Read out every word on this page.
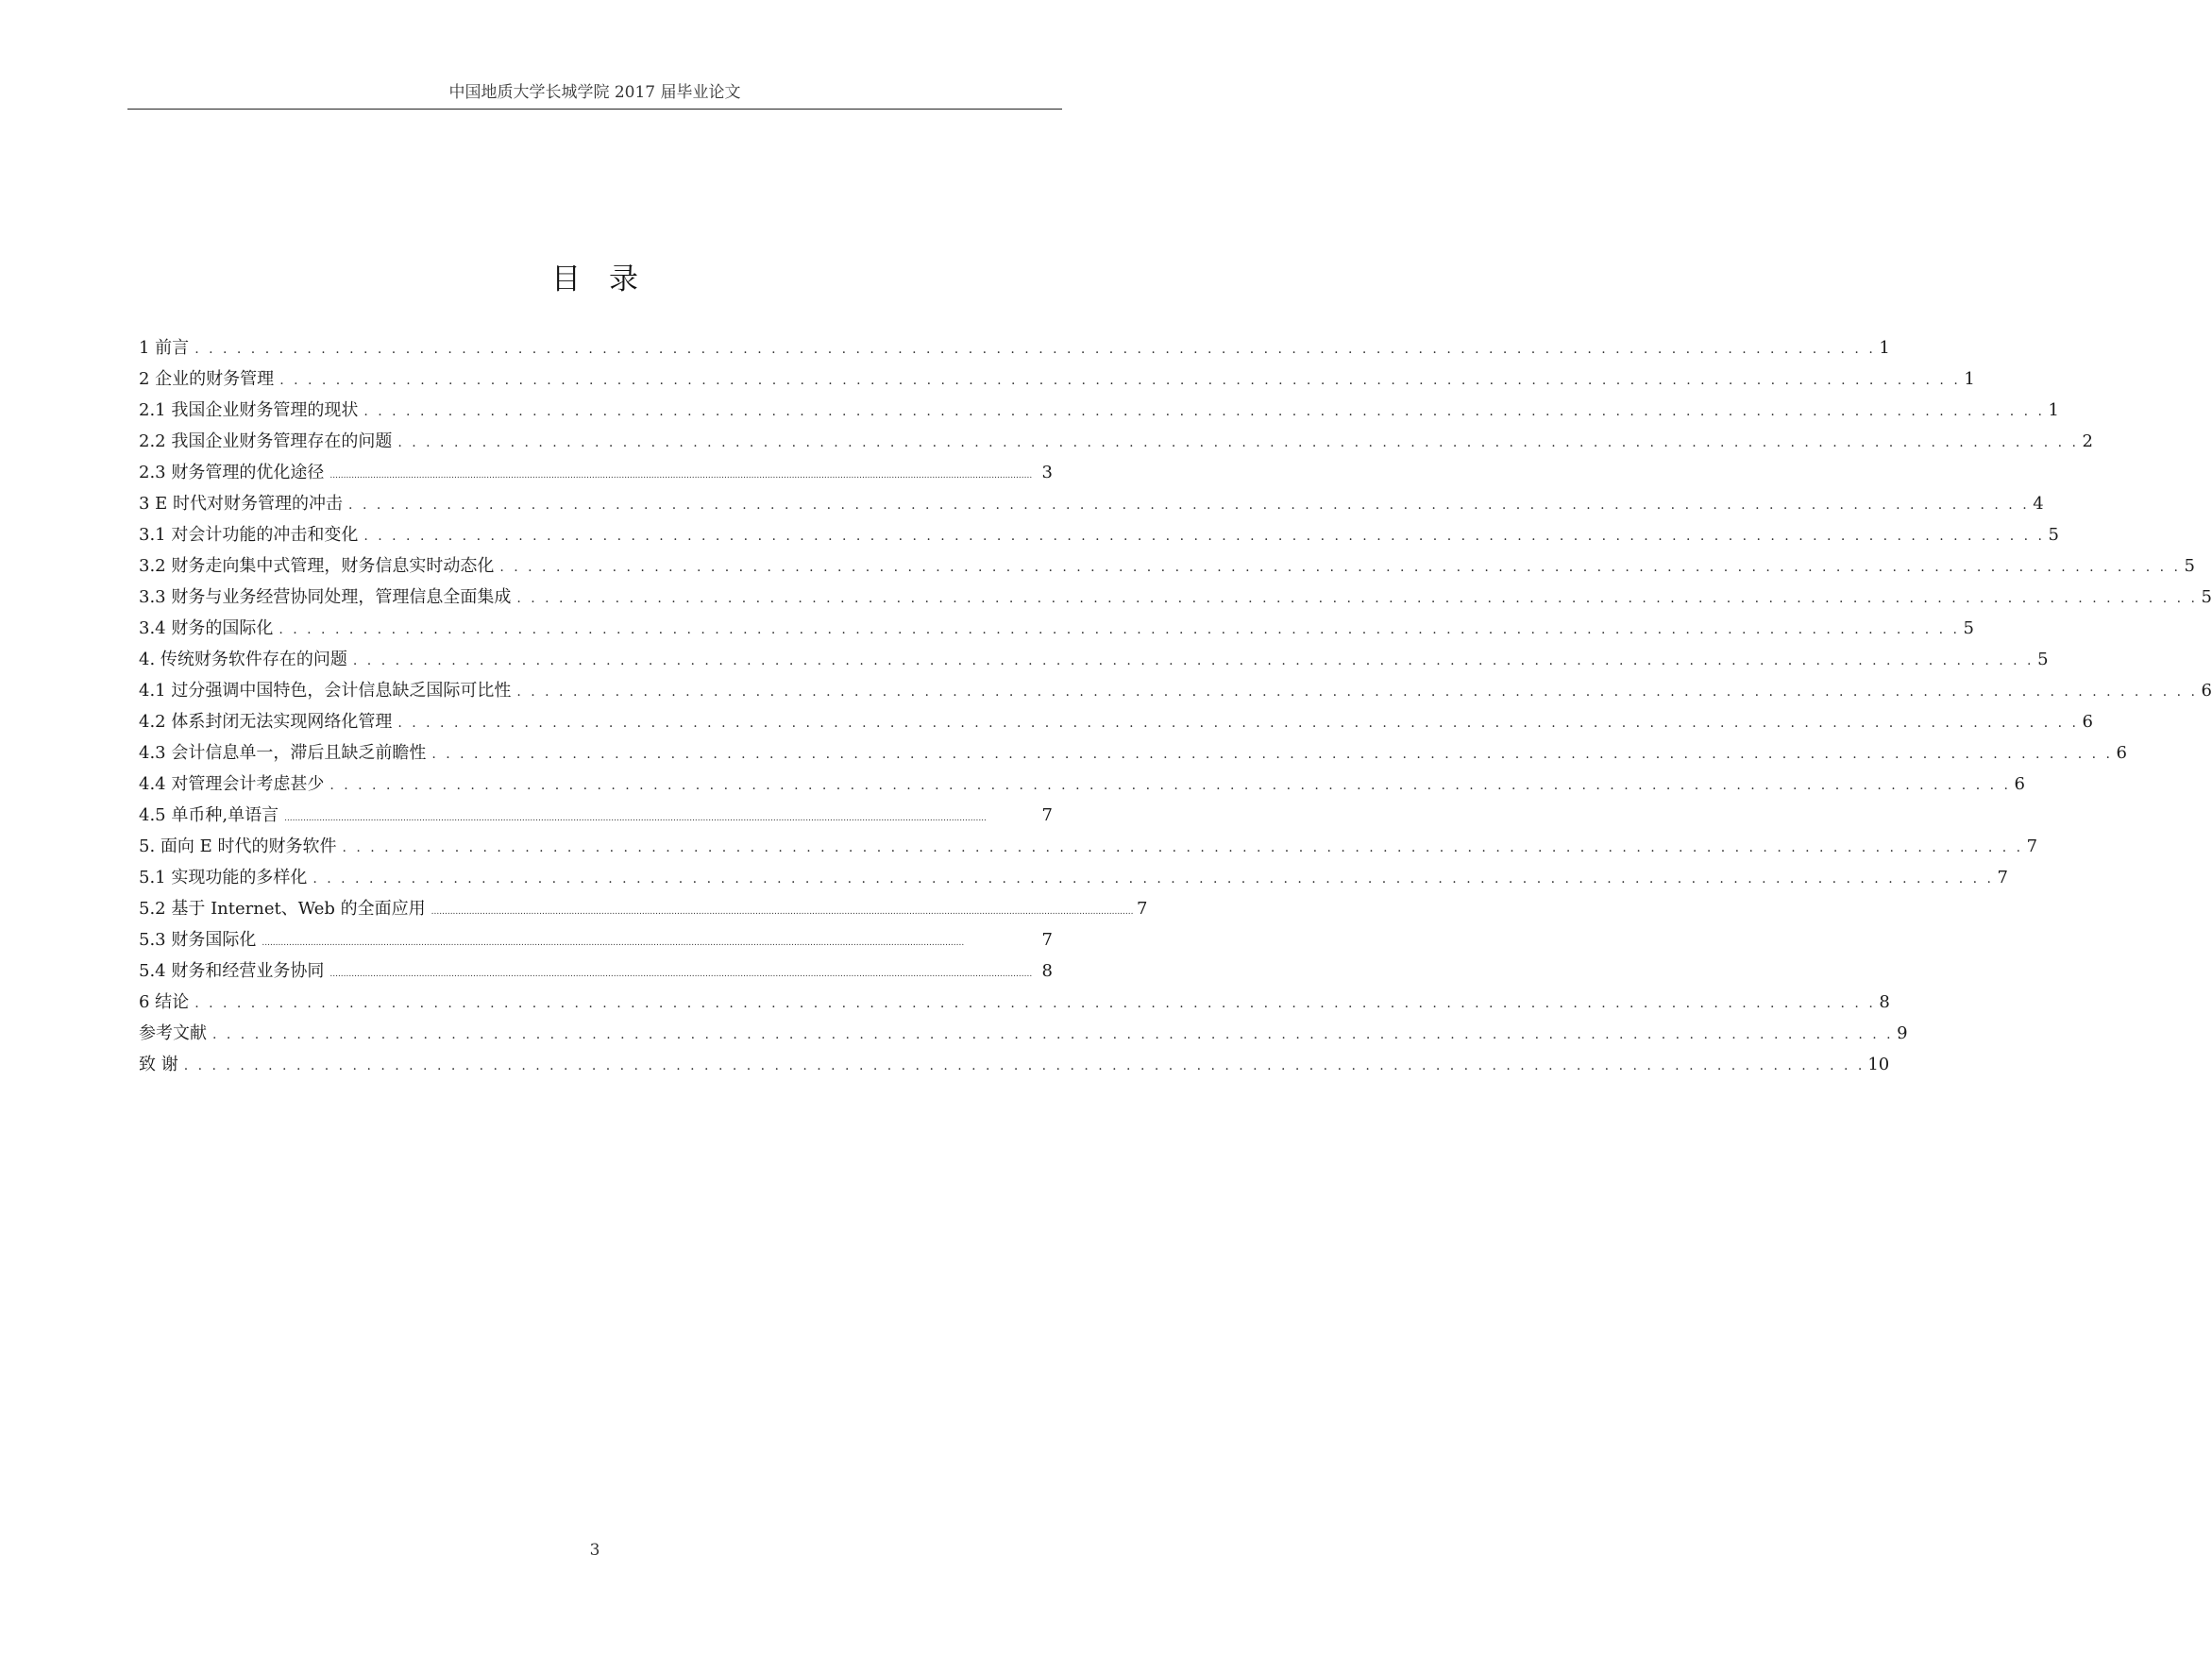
中国地质大学长城学院 2017 届毕业论文
目录
1 前言 . . . . . . . . . . . . . . . . . . . . . . . . . . . . . . . . . . . . . . . . . . . . . . . . . . . . . . . . . . . . . . . . . . . . . . . . . . . . . . . . . . . . . . . . . . . . . . . . . . . . . . . . . . . . . . . . . . . . . . . . 1
2 企业的财务管理 . . . . . . . . . . . . . . . . . . . . . . . . . . . . . . . . . . . . . . . . . . . . . . . . . . . . . . . . . . . . . . . . . . . . . . . . . . . . . . . . . . . . . . . . . . . . . . . . . . . . . . . . . . . . . . . . . . . . . . . . 1
2.1 我国企业财务管理的现状 . . . . . . . . . . . . . . . . . . . . . . . . . . . . . . . . . . . . . . . . . . . . . . . . . . . . . . . . . . . . . . . . . . . . . . . . . . . . . . . . . . . . . . . . . . . . . . . . . . . . . . . . . . . . . . . . . . . . . . . . 1
2.2 我国企业财务管理存在的问题 . . . . . . . . . . . . . . . . . . . . . . . . . . . . . . . . . . . . . . . . . . . . . . . . . . . . . . . . . . . . . . . . . . . . . . . . . . . . . . . . . . . . . . . . . . . . . . . . . . . . . . . . . . . . . . . . . . . . . . . . 2
2.3 财务管理的优化途径 .................................................................................................................................................................................................................................................................... 3
3 E 时代对财务管理的冲击 . . . . . . . . . . . . . . . . . . . . . . . . . . . . . . . . . . . . . . . . . . . . . . . . . . . . . . . . . . . . . . . . . . . . . . . . . . . . . . . . . . . . . . . . . . . . . . . . . . . . . . . . . . . . . . . . . . . . . . . . 4
3.1 对会计功能的冲击和变化 . . . . . . . . . . . . . . . . . . . . . . . . . . . . . . . . . . . . . . . . . . . . . . . . . . . . . . . . . . . . . . . . . . . . . . . . . . . . . . . . . . . . . . . . . . . . . . . . . . . . . . . . . . . . . . . . . . . . . . . . 5
3.2 财务走向集中式管理，财务信息实时动态化 . . . . . . . . . . . . . . . . . . . . . . . . . . . . . . . . . . . . . . . . . . . . . . . . . . . . . . . . . . . . . . . . . . . . . . . . . . . . . . . . . . . . . . . . . . . . . . . . . . . . . . . . . . . . . . . . . . . . . . . . 5
3.3 财务与业务经营协同处理，管理信息全面集成 . . . . . . . . . . . . . . . . . . . . . . . . . . . . . . . . . . . . . . . . . . . . . . . . . . . . . . . . . . . . . . . . . . . . . . . . . . . . . . . . . . . . . . . . . . . . . . . . . . . . . . . . . . . . . . . . . . . . . . . . 5
3.4 财务的国际化 . . . . . . . . . . . . . . . . . . . . . . . . . . . . . . . . . . . . . . . . . . . . . . . . . . . . . . . . . . . . . . . . . . . . . . . . . . . . . . . . . . . . . . . . . . . . . . . . . . . . . . . . . . . . . . . . . . . . . . . . 5
4. 传统财务软件存在的问题 . . . . . . . . . . . . . . . . . . . . . . . . . . . . . . . . . . . . . . . . . . . . . . . . . . . . . . . . . . . . . . . . . . . . . . . . . . . . . . . . . . . . . . . . . . . . . . . . . . . . . . . . . . . . . . . . . . . . . . . . 5
4.1 过分强调中国特色，会计信息缺乏国际可比性 . . . . . . . . . . . . . . . . . . . . . . . . . . . . . . . . . . . . . . . . . . . . . . . . . . . . . . . . . . . . . . . . . . . . . . . . . . . . . . . . . . . . . . . . . . . . . . . . . . . . . . . . . . . . . . . . . . . . . . . . 6
4.2 体系封闭无法实现网络化管理 . . . . . . . . . . . . . . . . . . . . . . . . . . . . . . . . . . . . . . . . . . . . . . . . . . . . . . . . . . . . . . . . . . . . . . . . . . . . . . . . . . . . . . . . . . . . . . . . . . . . . . . . . . . . . . . . . . . . . . . . 6
4.3 会计信息单一，滞后且缺乏前瞻性 . . . . . . . . . . . . . . . . . . . . . . . . . . . . . . . . . . . . . . . . . . . . . . . . . . . . . . . . . . . . . . . . . . . . . . . . . . . . . . . . . . . . . . . . . . . . . . . . . . . . . . . . . . . . . . . . . . . . . . . . 6
4.4 对管理会计考虑甚少 . . . . . . . . . . . . . . . . . . . . . . . . . . . . . . . . . . . . . . . . . . . . . . . . . . . . . . . . . . . . . . . . . . . . . . . . . . . . . . . . . . . . . . . . . . . . . . . . . . . . . . . . . . . . . . . . . . . . . . . . 6
4.5 单币种,单语言 ....................................................................................................................................................................................................................................................................	7
5. 面向 E 时代的财务软件 . . . . . . . . . . . . . . . . . . . . . . . . . . . . . . . . . . . . . . . . . . . . . . . . . . . . . . . . . . . . . . . . . . . . . . . . . . . . . . . . . . . . . . . . . . . . . . . . . . . . . . . . . . . . . . . . . . . . . . . . 7
5.1 实现功能的多样化 . . . . . . . . . . . . . . . . . . . . . . . . . . . . . . . . . . . . . . . . . . . . . . . . . . . . . . . . . . . . . . . . . . . . . . . . . . . . . . . . . . . . . . . . . . . . . . . . . . . . . . . . . . . . . . . . . . . . . . . . 7
5.2 基于 Internet、Web 的全面应用 .................................................................................................................................................................................................................................................................... 7
5.3 财务国际化 ....................................................................................................................................................................................................................................................................	7
5.4 财务和经营业务协同 .................................................................................................................................................................................................................................................................... 8
6 结论 . . . . . . . . . . . . . . . . . . . . . . . . . . . . . . . . . . . . . . . . . . . . . . . . . . . . . . . . . . . . . . . . . . . . . . . . . . . . . . . . . . . . . . . . . . . . . . . . . . . . . . . . . . . . . . . . . . . . . . . . 8
参考文献 . . . . . . . . . . . . . . . . . . . . . . . . . . . . . . . . . . . . . . . . . . . . . . . . . . . . . . . . . . . . . . . . . . . . . . . . . . . . . . . . . . . . . . . . . . . . . . . . . . . . . . . . . . . . . . . . . . . . . . . . 9
致 谢 . . . . . . . . . . . . . . . . . . . . . . . . . . . . . . . . . . . . . . . . . . . . . . . . . . . . . . . . . . . . . . . . . . . . . . . . . . . . . . . . . . . . . . . . . . . . . . . . . . . . . . . . . . . . . . . . . . . . . . . . 10
3
